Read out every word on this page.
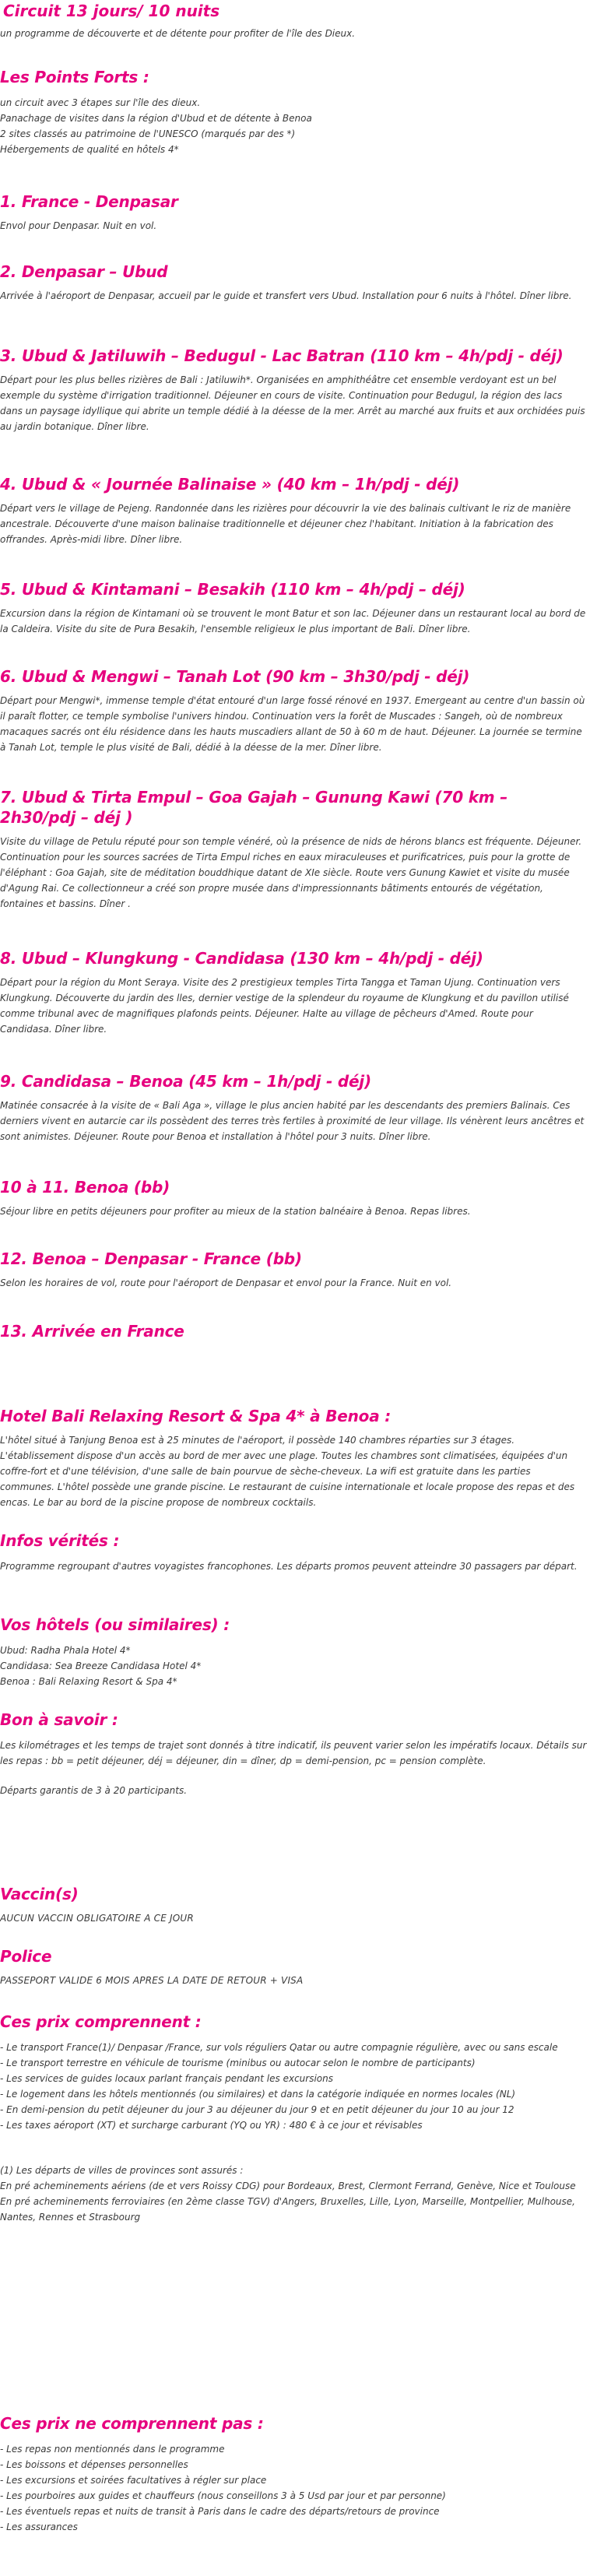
Circuit 13 jours/ 10 nuits

un programme de découverte et de détente pour profiter de l'île des Dieux.

Les Points Forts :

un circuit avec 3 étapes sur l'île des dieux.

Panachage de visites dans la région d'Ubud et de détente à Benoa

2 sites classés au patrimoine de l'UNESCO (marqués par des *)

Hébergements de qualité en hôtels 4*

1. France - Denpasar

Envol pour Denpasar. Nuit en vol.

2. Denpasar – Ubud

Arrivée à l'aéroport de Denpasar, accueil par le guide et transfert vers Ubud. Installation pour 6 nuits à l'hôtel. Dîner libre.

3. Ubud & Jatiluwih – Bedugul - Lac Batran (110 km – 4h/pdj - déj)

Départ pour les plus belles rizières de Bali : Jatiluwih*. Organisées en amphithéâtre cet ensemble verdoyant est un bel exemple du système d'irrigation traditionnel. Déjeuner en cours de visite. Continuation pour Bedugul, la région des lacs dans un paysage idyllique qui abrite un temple dédié à la déesse de la mer. Arrêt au marché aux fruits et aux orchidées puis au jardin botanique. Dîner libre.

4. Ubud & « Journée Balinaise » (40 km – 1h/pdj - déj)

Départ vers le village de Pejeng. Randonnée dans les rizières pour découvrir la vie des balinais cultivant le riz de manière ancestrale. Découverte d'une maison balinaise traditionnelle et déjeuner chez l'habitant. Initiation à la fabrication des offrandes. Après-midi libre. Dîner libre.

5. Ubud & Kintamani – Besakih (110 km – 4h/pdj – déj)

Excursion dans la région de Kintamani où se trouvent le mont Batur et son lac. Déjeuner dans un restaurant local au bord de la Caldeira. Visite du site de Pura Besakih, l'ensemble religieux le plus important de Bali. Dîner libre.

6. Ubud & Mengwi – Tanah Lot (90 km – 3h30/pdj - déj)

Départ pour Mengwi*, immense temple d'état entouré d'un large fossé rénové en 1937. Emergeant au centre d'un bassin où il paraît flotter, ce temple symbolise l'univers hindou. Continuation vers la forêt de Muscades : Sangeh, où de nombreux macaques sacrés ont élu résidence dans les hauts muscadiers allant de 50 à 60 m de haut. Déjeuner. La journée se termine à Tanah Lot, temple le plus visité de Bali, dédié à la déesse de la mer. Dîner libre.

7. Ubud & Tirta Empul – Goa Gajah – Gunung Kawi (70 km – 2h30/pdj – déj )

Visite du village de Petulu réputé pour son temple vénéré, où la présence de nids de hérons blancs est fréquente. Déjeuner. Continuation pour les sources sacrées de Tirta Empul riches en eaux miraculeuses et purificatrices, puis pour la grotte de l'éléphant : Goa Gajah, site de méditation bouddhique datant de XIe siècle. Route vers Gunung Kawiet et visite du musée d'Agung Rai. Ce collectionneur a créé son propre musée dans d'impressionnants bâtiments entourés de végétation, fontaines et bassins. Dîner .

8. Ubud – Klungkung - Candidasa (130 km – 4h/pdj - déj)

Départ pour la région du Mont Seraya. Visite des 2 prestigieux temples Tirta Tangga et Taman Ujung. Continuation vers Klungkung. Découverte du jardin des lles, dernier vestige de la splendeur du royaume de Klungkung et du pavillon utilisé comme tribunal avec de magnifiques plafonds peints. Déjeuner. Halte au village de pêcheurs d'Amed. Route pour Candidasa. Dîner libre.

9. Candidasa – Benoa (45 km – 1h/pdj - déj)

Matinée consacrée à la visite de « Bali Aga », village le plus ancien habité par les descendants des premiers Balinais. Ces derniers vivent en autarcie car ils possèdent des terres très fertiles à proximité de leur village. Ils vénèrent leurs ancêtres et sont animistes. Déjeuner. Route pour Benoa et installation à l'hôtel pour 3 nuits. Dîner libre.

10 à 11. Benoa (bb)

Séjour libre en petits déjeuners pour profiter au mieux de la station balnéaire à Benoa. Repas libres.

12. Benoa – Denpasar - France (bb)

Selon les horaires de vol, route pour l'aéroport de Denpasar et envol pour la France. Nuit en vol.

13. Arrivée en France
Hotel Bali Relaxing Resort & Spa 4* à Benoa :

L'hôtel situé à Tanjung Benoa est à 25 minutes de l'aéroport, il possède 140 chambres réparties sur 3 étages. L'établissement dispose d'un accès au bord de mer avec une plage. Toutes les chambres sont climatisées, équipées d'un coffre-fort et d'une télévision, d'une salle de bain pourvue de sèche-cheveux. La wifi est gratuite dans les parties communes. L'hôtel possède une grande piscine. Le restaurant de cuisine internationale et locale propose des repas et des encas. Le bar au bord de la piscine propose de nombreux cocktails.

Infos vérités :

Programme regroupant d'autres voyagistes francophones. Les départs promos peuvent atteindre 30 passagers par départ.

Vos hôtels (ou similaires) :

Ubud: Radha Phala Hotel 4*

Candidasa: Sea Breeze Candidasa Hotel 4*

Benoa : Bali Relaxing Resort & Spa 4*

Bon à savoir :

Les kilométrages et les temps de trajet sont donnés à titre indicatif, ils peuvent varier selon les impératifs locaux. Détails sur les repas : bb = petit déjeuner, déj = déjeuner, din = dîner, dp = demi-pension, pc = pension complète.

Départs garantis de 3 à 20 participants.

Vaccin(s)

AUCUN VACCIN OBLIGATOIRE A CE JOUR

Police

PASSEPORT VALIDE 6 MOIS APRES LA DATE DE RETOUR + VISA

Ces prix comprennent :

- Le transport France(1)/ Denpasar /France, sur vols réguliers Qatar ou autre compagnie régulière, avec ou sans escale

- Le transport terrestre en véhicule de tourisme (minibus ou autocar selon le nombre de participants)

- Les services de guides locaux parlant français pendant les excursions

- Le logement dans les hôtels mentionnés (ou similaires) et dans la catégorie indiquée en normes locales (NL)

- En demi-pension du petit déjeuner du jour 3 au déjeuner du jour 9 et en petit déjeuner du jour 10 au jour 12

- Les taxes aéroport (XT) et surcharge carburant (YQ ou YR) : 480 € à ce jour et révisables

(1) Les départs de villes de provinces sont assurés :

En pré acheminements aériens (de et vers Roissy CDG) pour Bordeaux, Brest, Clermont Ferrand, Genève, Nice et Toulouse

En pré acheminements ferroviaires (en 2ème classe TGV) d'Angers, Bruxelles, Lille, Lyon, Marseille, Montpellier, Mulhouse, Nantes, Rennes et Strasbourg

Ces prix ne comprennent pas :

- Les repas non mentionnés dans le programme

- Les boissons et dépenses personnelles

- Les excursions et soirées facultatives à régler sur place

- Les pourboires aux guides et chauffeurs (nous conseillons 3 à 5 Usd par jour et par personne)

- Les éventuels repas et nuits de transit à Paris dans le cadre des départs/retours de province

- Les assurances
